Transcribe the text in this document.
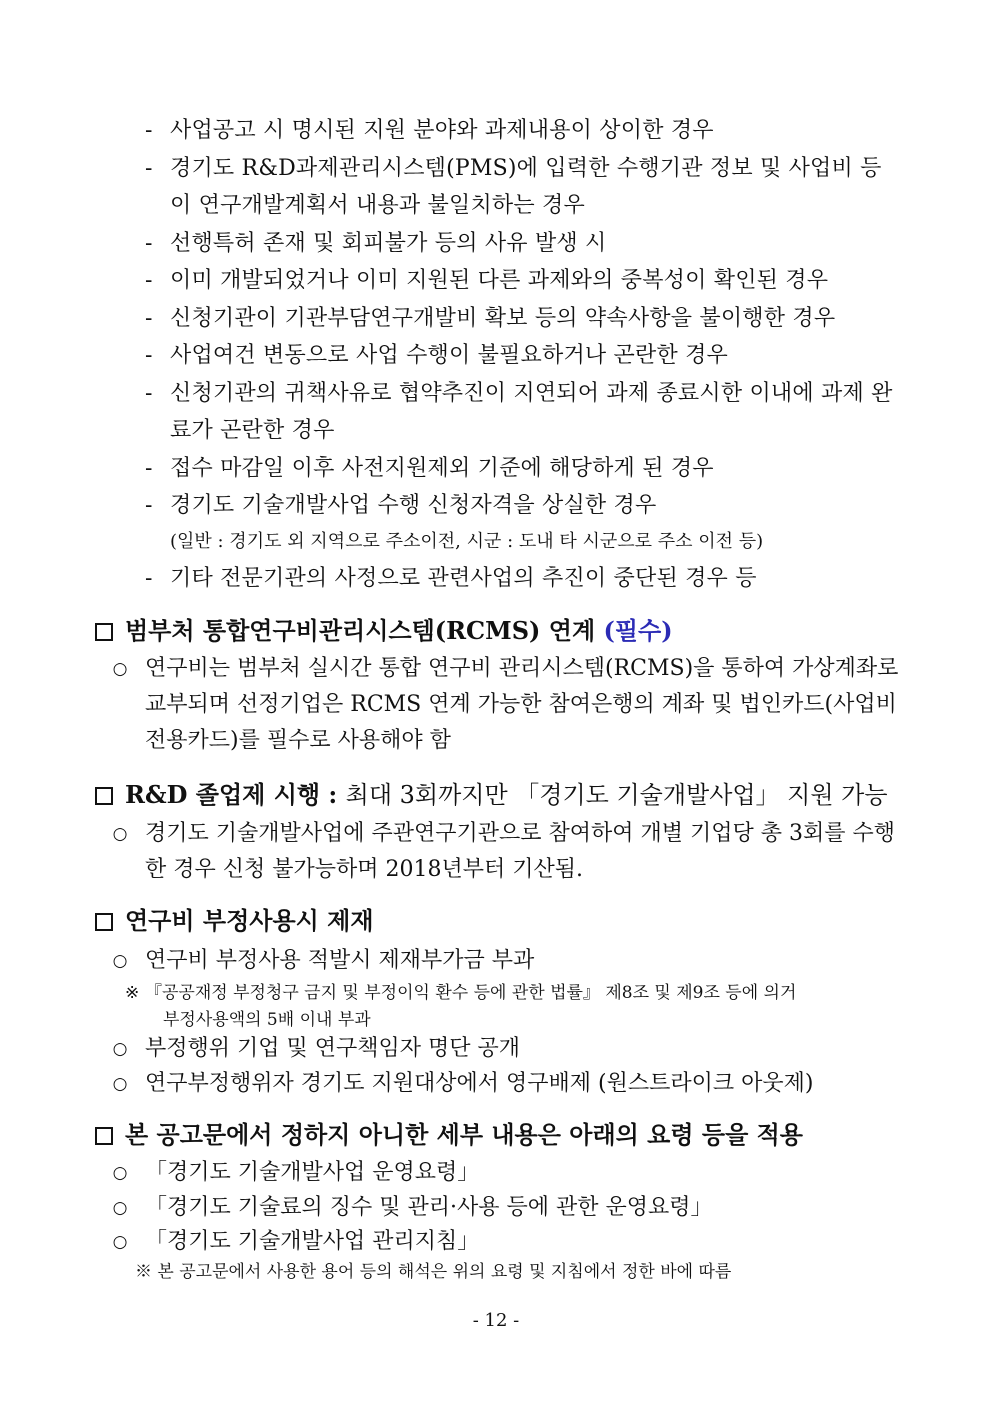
- 사업공고 시 명시된 지원 분야와 과제내용이 상이한 경우
- 경기도 R&D과제관리시스템(PMS)에 입력한 수행기관 정보 및 사업비 등이 연구개발계획서 내용과 불일치하는 경우
- 선행특허 존재 및 회피불가 등의 사유 발생 시
- 이미 개발되었거나 이미 지원된 다른 과제와의 중복성이 확인된 경우
- 신청기관이 기관부담연구개발비 확보 등의 약속사항을 불이행한 경우
- 사업여건 변동으로 사업 수행이 불필요하거나 곤란한 경우
- 신청기관의 귀책사유로 협약추진이 지연되어 과제 종료시한 이내에 과제 완료가 곤란한 경우
- 접수 마감일 이후 사전지원제외 기준에 해당하게 된 경우
- 경기도 기술개발사업 수행 신청자격을 상실한 경우
(일반 : 경기도 외 지역으로 주소이전, 시군 : 도내 타 시군으로 주소 이전 등)
- 기타 전문기관의 사정으로 관련사업의 추진이 중단된 경우 등
범부처 통합연구비관리시스템(RCMS) 연계 (필수)
○ 연구비는 범부처 실시간 통합 연구비 관리시스템(RCMS)을 통하여 가상계좌로 교부되며 선정기업은 RCMS 연계 가능한 참여은행의 계좌 및 법인카드(사업비전용카드)를 필수로 사용해야 함
R&D 졸업제 시행 : 최대 3회까지만 「경기도 기술개발사업」 지원 가능
○ 경기도 기술개발사업에 주관연구기관으로 참여하여 개별 기업당 총 3회를 수행한 경우 신청 불가능하며 2018년부터 기산됨.
연구비 부정사용시 제재
○ 연구비 부정사용 적발시 제재부가금 부과
※ 『공공재정 부정청구 금지 및 부정이익 환수 등에 관한 법률』 제8조 및 제9조 등에 의거
부정사용액의 5배 이내 부과
○ 부정행위 기업 및 연구책임자 명단 공개
○ 연구부정행위자 경기도 지원대상에서 영구배제 (원스트라이크 아웃제)
본 공고문에서 정하지 아니한 세부 내용은 아래의 요령 등을 적용
○ 「경기도 기술개발사업 운영요령」
○ 「경기도 기술료의 징수 및 관리·사용 등에 관한 운영요령」
○ 「경기도 기술개발사업 관리지침」
※ 본 공고문에서 사용한 용어 등의 해석은 위의 요령 및 지침에서 정한 바에 따름
- 12 -
